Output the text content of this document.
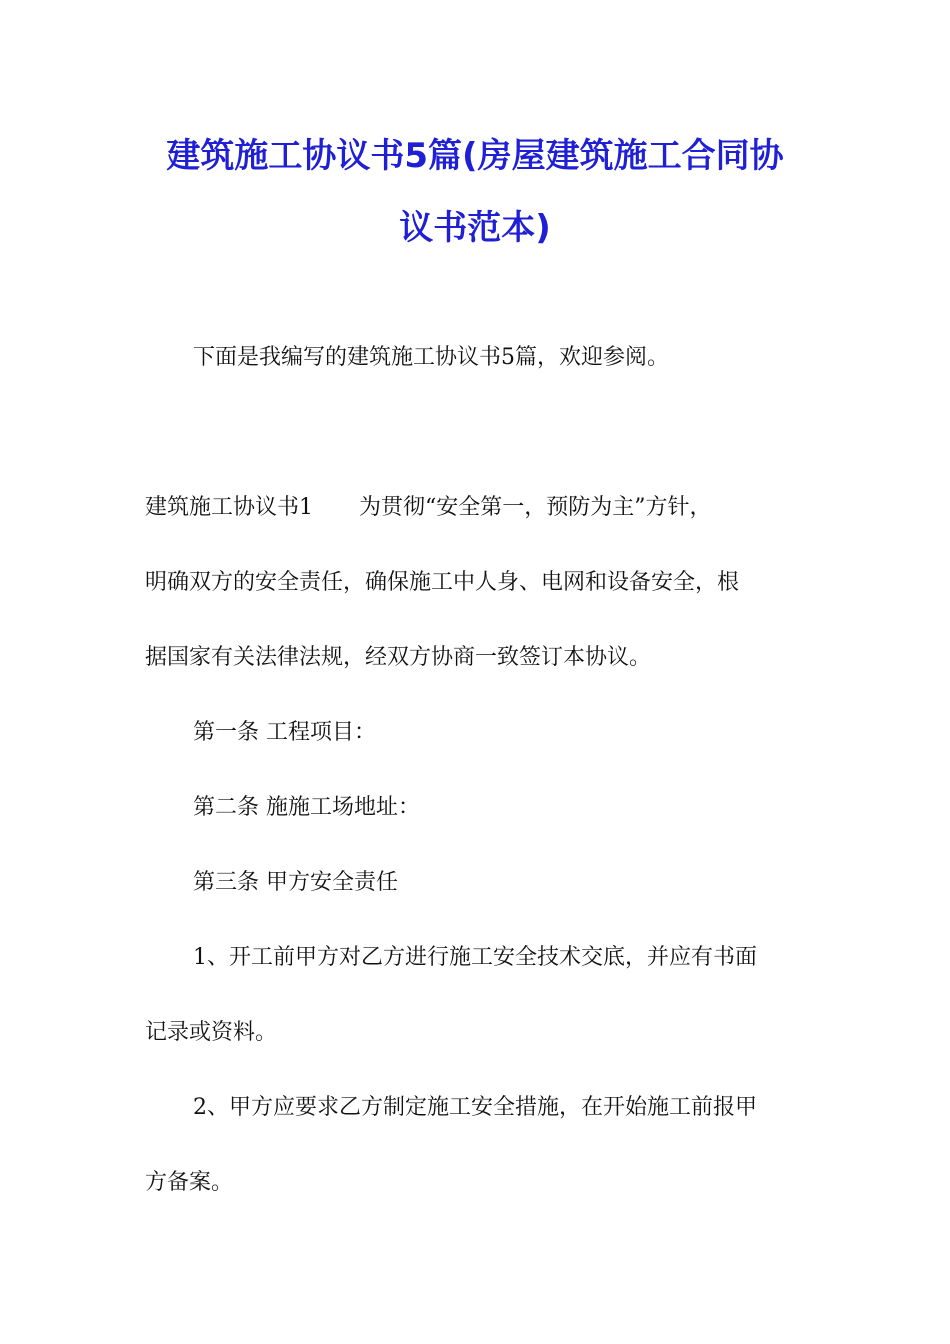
建筑施工协议书5篇(房屋建筑施工合同协
议书范本)
下面是我编写的建筑施工协议书5篇，欢迎参阅。
建筑施工协议书1 为贯彻“安全第一，预防为主”方针，
明确双方的安全责任，确保施工中人身、电网和设备安全，根
据国家有关法律法规，经双方协商一致签订本协议。
第一条 工程项目：
第二条 施施工场地址：
第三条 甲方安全责任
1、开工前甲方对乙方进行施工安全技术交底，并应有书面
记录或资料。
2、甲方应要求乙方制定施工安全措施，在开始施工前报甲
方备案。
